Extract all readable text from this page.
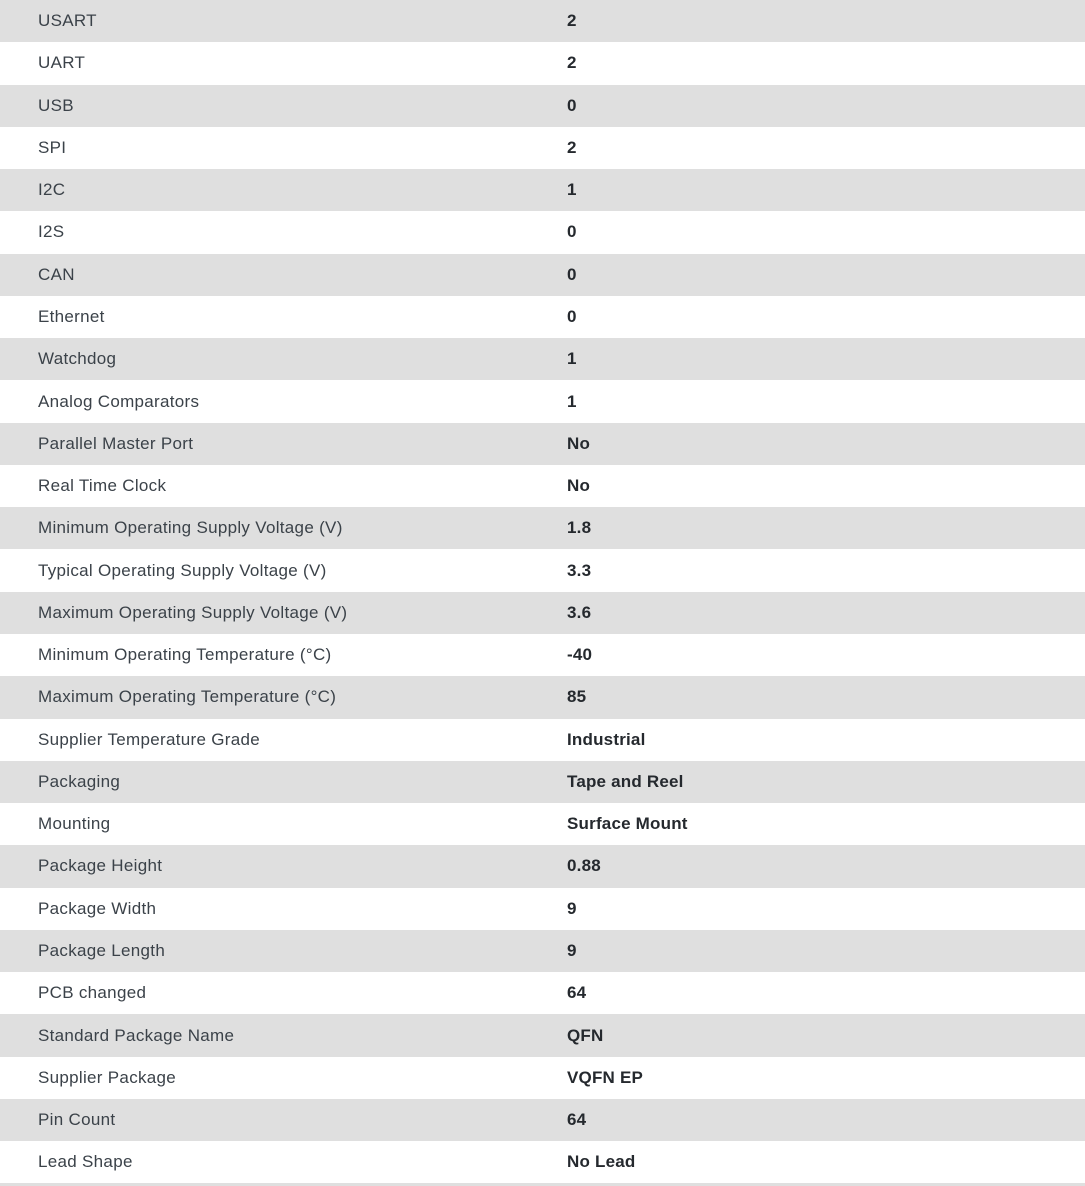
USART	2
UART	2
USB	0
SPI	2
I2C	1
I2S	0
CAN	0
Ethernet	0
Watchdog	1
Analog Comparators	1
Parallel Master Port	No
Real Time Clock	No
Minimum Operating Supply Voltage (V)	1.8
Typical Operating Supply Voltage (V)	3.3
Maximum Operating Supply Voltage (V)	3.6
Minimum Operating Temperature (°C)	-40
Maximum Operating Temperature (°C)	85
Supplier Temperature Grade	Industrial
Packaging	Tape and Reel
Mounting	Surface Mount
Package Height	0.88
Package Width	9
Package Length	9
PCB changed	64
Standard Package Name	QFN
Supplier Package	VQFN EP
Pin Count	64
Lead Shape	No Lead
